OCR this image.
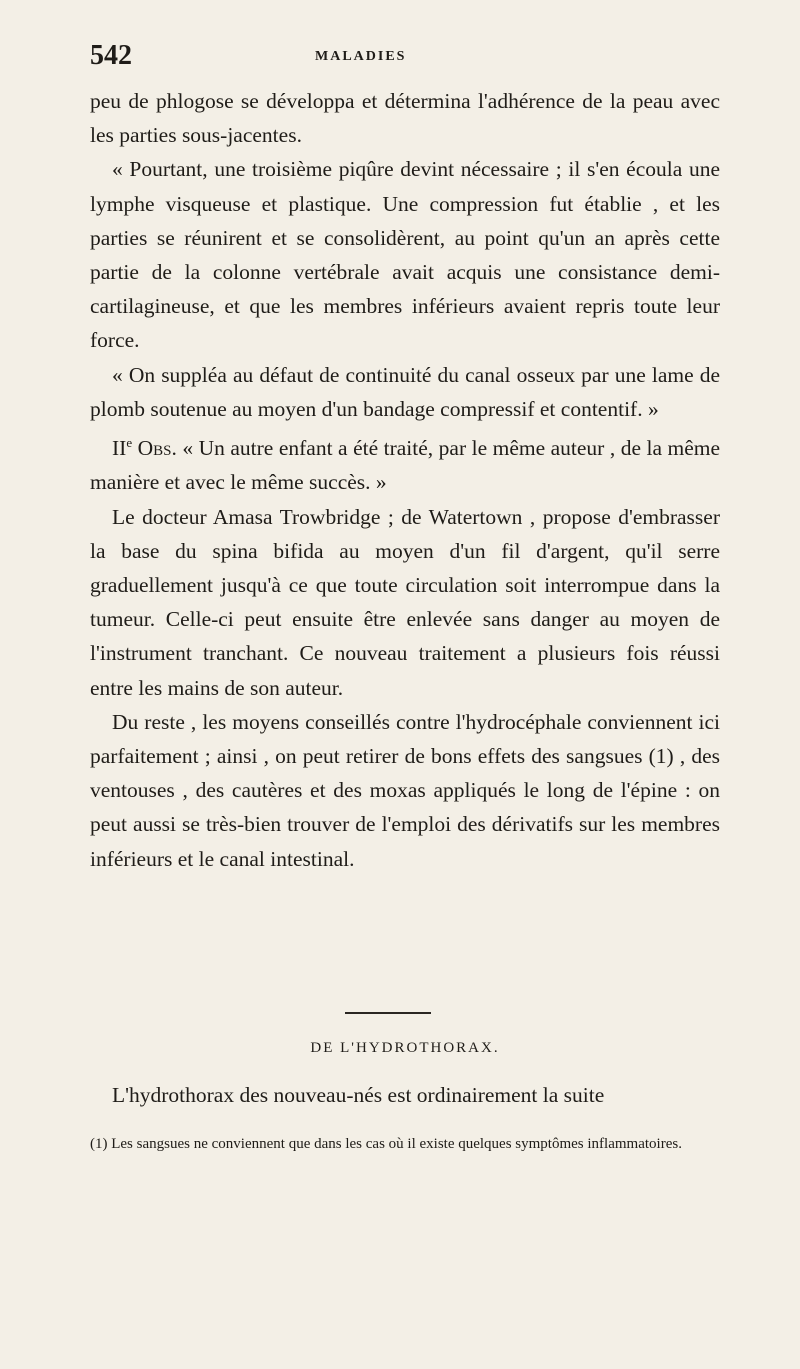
542	MALADIES

peu de phlogose se développa et détermina l'adhérence de la peau avec les parties sous-jacentes.

« Pourtant, une troisième piqûre devint nécessaire ; il s'en écoula une lymphe visqueuse et plastique. Une compression fut établie , et les parties se réunirent et se consolidèrent, au point qu'un an après cette partie de la colonne vertébrale avait acquis une consistance demi-cartilagineuse, et que les membres inférieurs avaient repris toute leur force.

« On suppléa au défaut de continuité du canal osseux par une lame de plomb soutenue au moyen d'un bandage compressif et contentif. »

IIe Obs. « Un autre enfant a été traité, par le même auteur , de la même manière et avec le même succès. »

Le docteur Amasa Trowbridge ; de Watertown , propose d'embrasser la base du spina bifida au moyen d'un fil d'argent, qu'il serre graduellement jusqu'à ce que toute circulation soit interrompue dans la tumeur. Celle-ci peut ensuite être enlevée sans danger au moyen de l'instrument tranchant. Ce nouveau traitement a plusieurs fois réussi entre les mains de son auteur.

Du reste , les moyens conseillés contre l'hydrocéphale conviennent ici parfaitement ; ainsi , on peut retirer de bons effets des sangsues (1) , des ventouses , des cautères et des moxas appliqués le long de l'épine : on peut aussi se très-bien trouver de l'emploi des dérivatifs sur les membres inférieurs et le canal intestinal.

DE L'HYDROTHORAX.
L'hydrothorax des nouveau-nés est ordinairement la suite

(1) Les sangsues ne conviennent que dans les cas où il existe quelques symptômes inflammatoires.
